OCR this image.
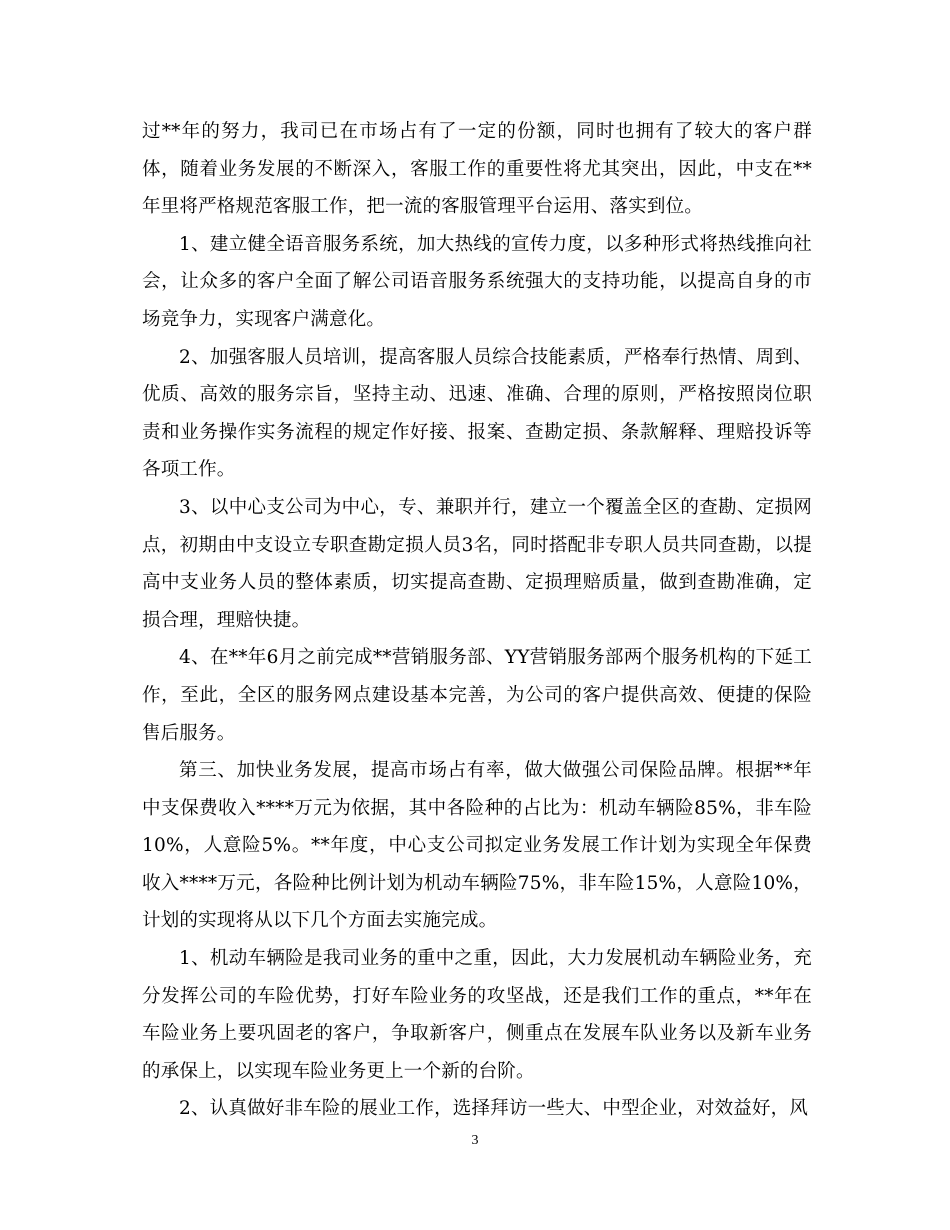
过**年的努力，我司已在市场占有了一定的份额，同时也拥有了较大的客户群体，随着业务发展的不断深入，客服工作的重要性将尤其突出，因此，中支在**年里将严格规范客服工作，把一流的客服管理平台运用、落实到位。

1、建立健全语音服务系统，加大热线的宣传力度，以多种形式将热线推向社会，让众多的客户全面了解公司语音服务系统强大的支持功能，以提高自身的市场竞争力，实现客户满意化。

2、加强客服人员培训，提高客服人员综合技能素质，严格奉行热情、周到、优质、高效的服务宗旨，坚持主动、迅速、准确、合理的原则，严格按照岗位职责和业务操作实务流程的规定作好接、报案、查勘定损、条款解释、理赔投诉等各项工作。

3、以中心支公司为中心，专、兼职并行，建立一个覆盖全区的查勘、定损网点，初期由中支设立专职查勘定损人员3名，同时搭配非专职人员共同查勘，以提高中支业务人员的整体素质，切实提高查勘、定损理赔质量，做到查勘准确，定损合理，理赔快捷。

4、在**年6月之前完成**营销服务部、YY营销服务部两个服务机构的下延工作，至此，全区的服务网点建设基本完善，为公司的客户提供高效、便捷的保险售后服务。

第三、加快业务发展，提高市场占有率，做大做强公司保险品牌。根据**年中支保费收入****万元为依据，其中各险种的占比为：机动车辆险85%，非车险10%，人意险5%。**年度，中心支公司拟定业务发展工作计划为实现全年保费收入****万元，各险种比例计划为机动车辆险75%，非车险15%，人意险10%，计划的实现将从以下几个方面去实施完成。

1、机动车辆险是我司业务的重中之重，因此，大力发展机动车辆险业务，充分发挥公司的车险优势，打好车险业务的攻坚战，还是我们工作的重点，**年在车险业务上要巩固老的客户，争取新客户，侧重点在发展车队业务以及新车业务的承保上，以实现车险业务更上一个新的台阶。

2、认真做好非车险的展业工作，选择拜访一些大、中型企业，对效益好，风

3
